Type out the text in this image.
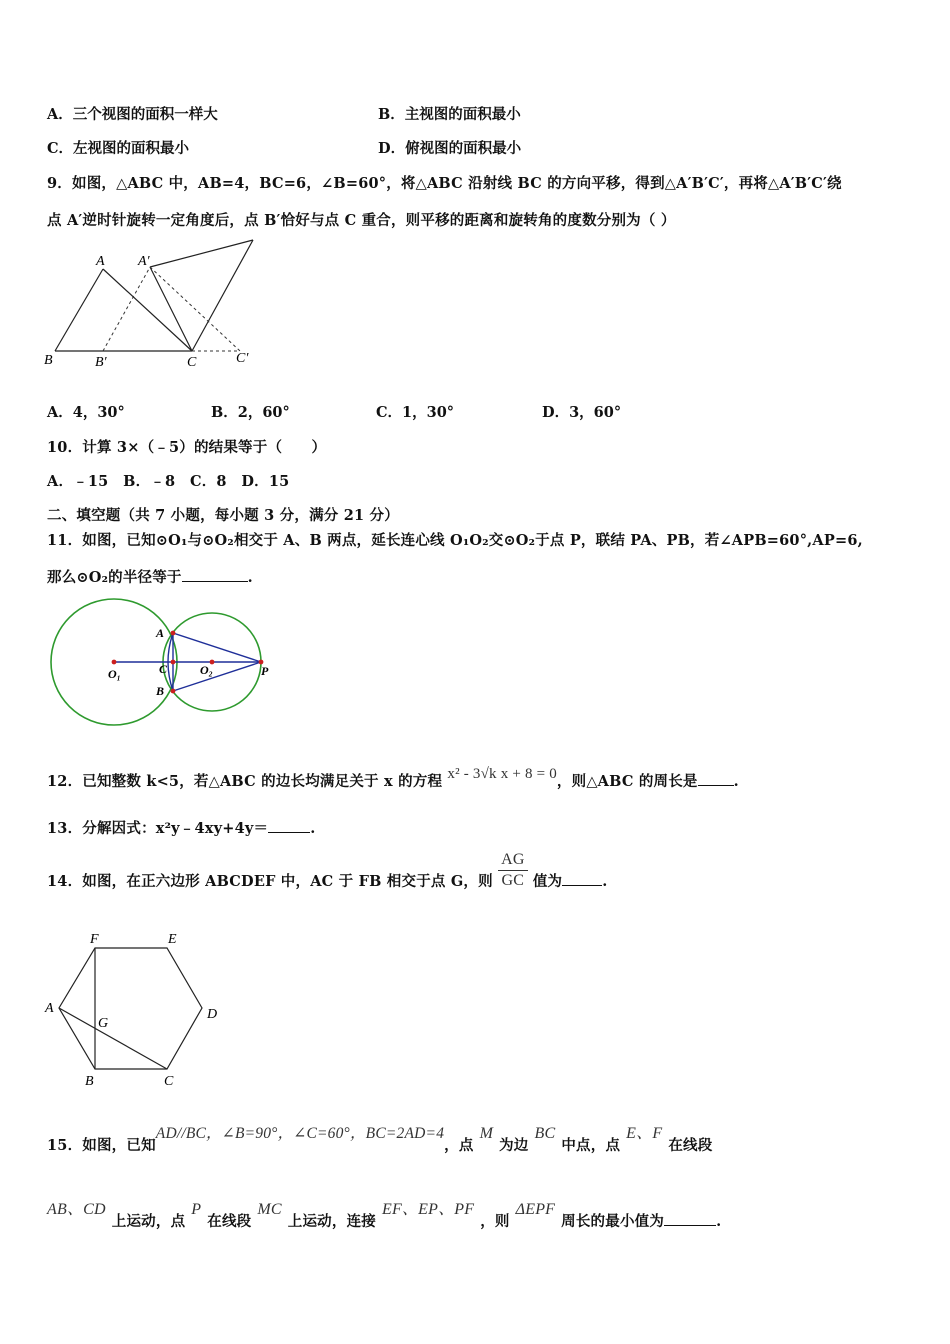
A．三个视图的面积一样大	B．主视图的面积最小
C．左视图的面积最小	D．俯视图的面积最小
9．如图，△ABC 中，AB=4，BC=6，∠B=60°，将△ABC 沿射线 BC 的方向平移，得到△A′B′C′，再将△A′B′C′绕
点 A′逆时针旋转一定角度后，点 B′恰好与点 C 重合，则平移的距离和旋转角的度数分别为（ ）
A A′
B	B′	C	C′
A．4，30°	B．2，60°	C．1，30°	D．3，60°
10．计算 3×（﹣5）的结果等于（　　）
A．﹣15　B．﹣8　C．8　D．15
二、填空题（共 7 小题，每小题 3 分，满分 21 分）
11．如图，已知⊙O₁与⊙O₂相交于 A、B 两点，延长连心线 O₁O₂交⊙O₂于点 P，联结 PA、PB，若∠APB=60°,AP=6,
那么⊙O₂的半径等于	.
A
B
C
O₁	O₂	P
12．已知整数 k<5，若△ABC 的边长均满足关于 x 的方程 x² - 3√k x + 8 = 0，则△ABC 的周长是 .
13．分解因式：x²y﹣4xy+4y＝	.
14．如图，在正六边形 ABCDEF 中，AC 于 FB 相交于点 G，则 $\frac{AG}{GC}$ 值为	.
F	E
A	D
G
B	C
15．如图，已知AD//BC，∠B=90°，∠C=60°，BC=2AD=4，点M为边BC中点，点E、F在线段
AB、CD上运动，点P在线段MC上运动，连接EF、EP、PF，则ΔEPF周长的最小值为	.
